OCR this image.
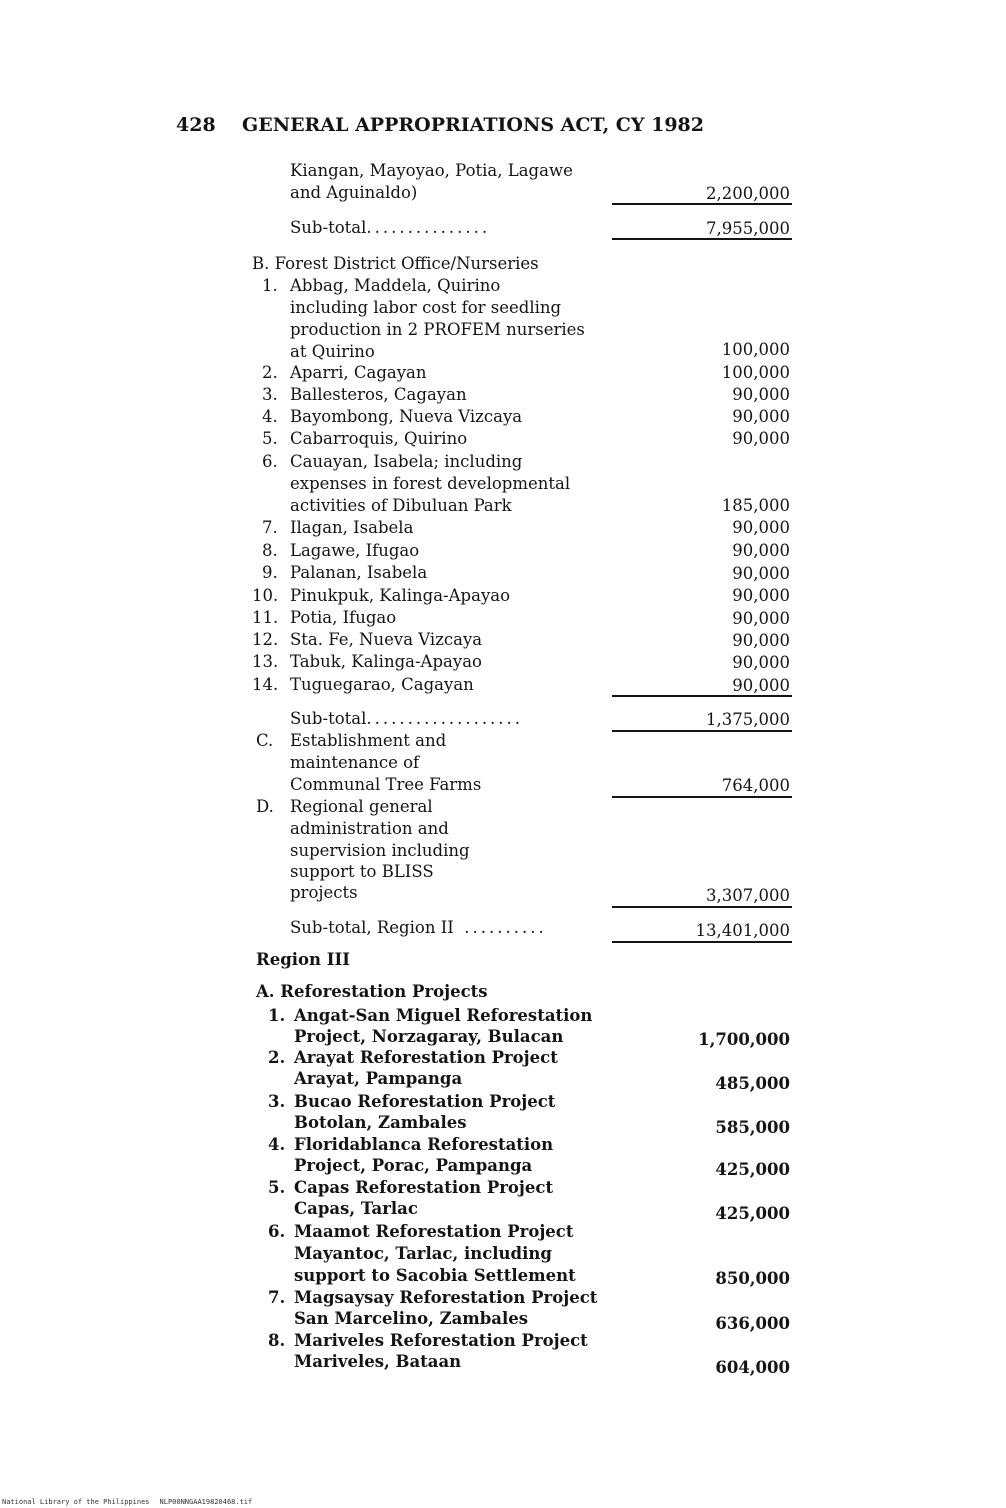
428 GENERAL APPROPRIATIONS ACT, CY 1982
Kiangan, Mayoyao, Potia, Lagawe
and Aguinaldo)	2,200,000
Sub-total...............	7,955,000
B. Forest District Office/Nurseries
1. Abbag, Maddela, Quirino
including labor cost for seedling
production in 2 PROFEM nurseries
at Quirino	100,000
2. Aparri, Cagayan	100,000
3. Ballesteros, Cagayan	90,000
4. Bayombong, Nueva Vizcaya	90,000
5. Cabarroquis, Quirino	90,000
6. Cauayan, Isabela; including
expenses in forest developmental
activities of Dibuluan Park	185,000
7. Ilagan, Isabela	90,000
8. Lagawe, Ifugao	90,000
9. Palanan, Isabela	90,000
10. Pinukpuk, Kalinga-Apayao	90,000
11. Potia, Ifugao	90,000
12. Sta. Fe, Nueva Vizcaya	90,000
13. Tabuk, Kalinga-Apayao	90,000
14. Tuguegarao, Cagayan	90,000
Sub-total...................	1,375,000
C. Establishment and
maintenance of
Communal Tree Farms	764,000
D. Regional general
administration and
supervision including
support to BLISS
projects	3,307,000
Sub-total, Region II ..........	13,401,000
Region III
A. Reforestation Projects
1. Angat-San Miguel Reforestation
Project, Norzagaray, Bulacan	1,700,000
2. Arayat Reforestation Project
Arayat, Pampanga	485,000
3. Bucao Reforestation Project
Botolan, Zambales	585,000
4. Floridablanca Reforestation
Project, Porac, Pampanga	425,000
5. Capas Reforestation Project
Capas, Tarlac	425,000
6. Maamot Reforestation Project
Mayantoc, Tarlac, including
support to Sacobia Settlement	850,000
7. Magsaysay Reforestation Project
San Marcelino, Zambales	636,000
8. Mariveles Reforestation Project
Mariveles, Bataan	604,000
National Library of the Philippines NLP00NNGAA19820468.tif
